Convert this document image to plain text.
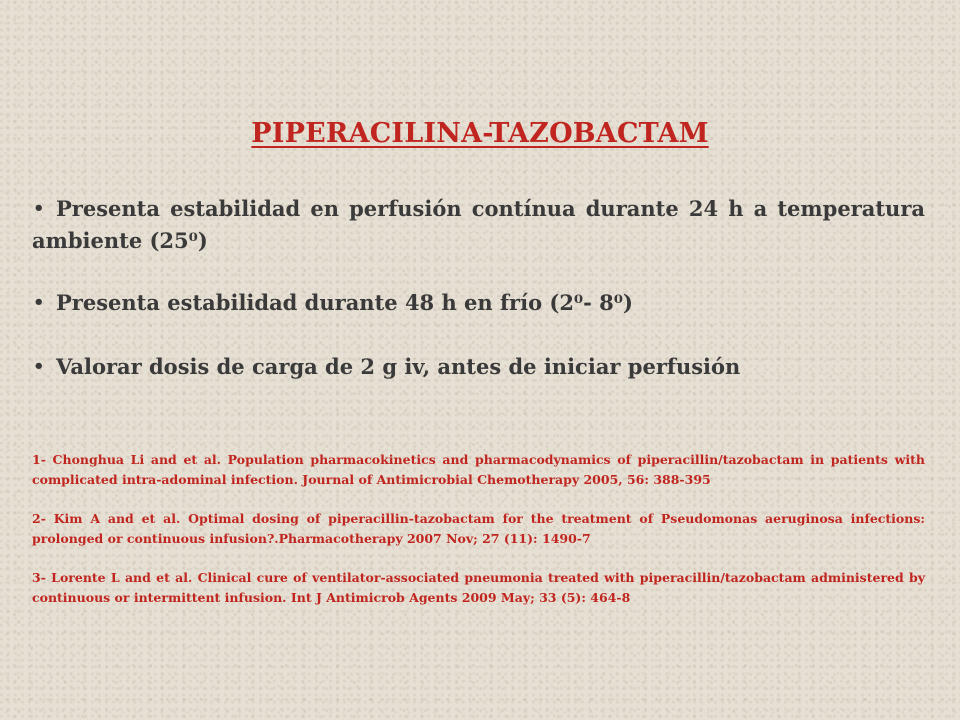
PIPERACILINA-TAZOBACTAM
• Presenta estabilidad en perfusión contínua durante 24 h a temperatura ambiente (25⁰)
• Presenta estabilidad durante 48 h en frío (2⁰- 8⁰)
• Valorar dosis de carga de 2 g iv, antes de iniciar perfusión

1- Chonghua Li and et al. Population pharmacokinetics and pharmacodynamics of piperacillin/tazobactam in patients with complicated intra-adominal infection. Journal of Antimicrobial Chemotherapy 2005, 56: 388-395

2- Kim A and et al. Optimal dosing of piperacillin-tazobactam for the treatment of Pseudomonas aeruginosa infections: prolonged or continuous infusion?.Pharmacotherapy 2007 Nov; 27 (11): 1490-7

3- Lorente L and et al. Clinical cure of ventilator-associated pneumonia treated with piperacillin/tazobactam administered by continuous or intermittent infusion. Int J Antimicrob Agents 2009 May; 33 (5): 464-8
